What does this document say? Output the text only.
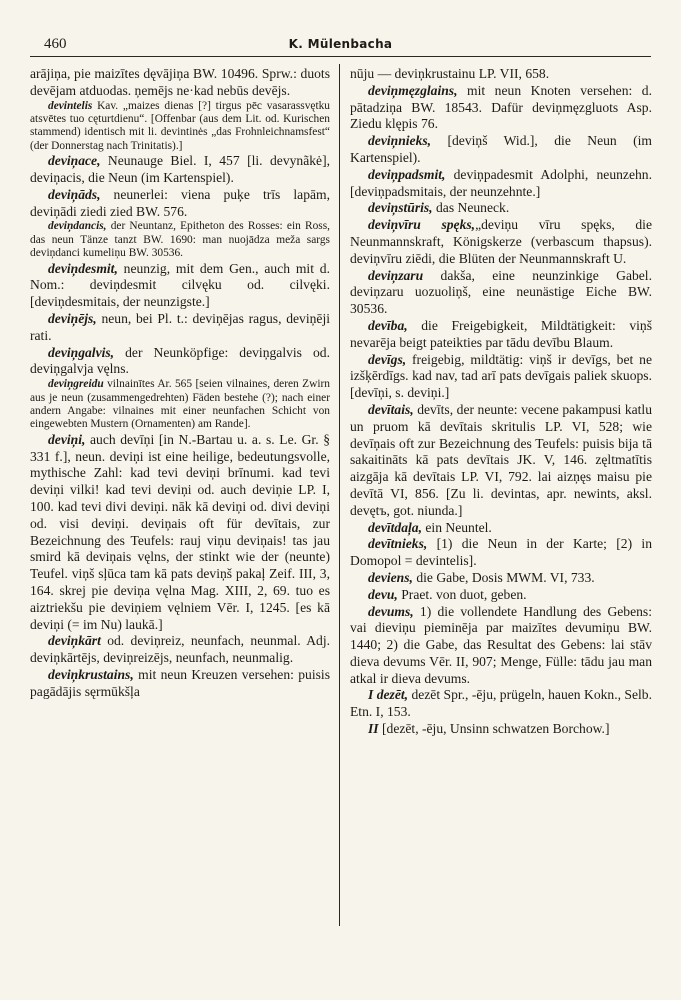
460	K. Mülenbacha

arājiņa, pie maizītes dęvājiņa BW. 10496. Sprw.: duots devējam atduodas. ņemējs ne·kad nebūs devējs.

devintelis Kav. „maizes dienas [?] tirgus pēc vasarassvętku atsvētes tuo cęturtdienu“. [Offenbar (aus dem Lit. od. Kurischen stammend) identisch mit li. devintinės „das Frohnleichnamsfest“ (der Donnerstag nach Trinitatis).]

deviņace, Neunauge Biel. I, 457 [li. devynãkė], deviņacis, die Neun (im Kartenspiel).

deviņāds, neunerlei: viena puķe trīs lapām, deviņādi ziedi zied BW. 576.

deviņdancis, der Neuntanz, Epitheton des Rosses: ein Ross, das neun Tänze tanzt BW. 1690: man nuojādza meža sargs deviņdanci kumeliņu BW. 30536.

deviņdesmit, neunzig, mit dem Gen., auch mit d. Nom.: deviņdesmit cilvęku od. cilvęki. [deviņdesmitais, der neunzigste.]

deviņējs, neun, bei Pl. t.: deviņējas ragus, deviņēji rati.

deviņgalvis, der Neunköpfige: deviņgalvis od. deviņgalvja vęlns.

deviņgreidu vilnainītes Ar. 565 [seien vilnaines, deren Zwirn aus je neun (zusammengedrehten) Fäden bestehe (?); nach einer andern Angabe: vilnaines mit einer neunfachen Schicht von eingewebten Mustern (Ornamenten) am Rande].

deviņi, auch devīņi [in N.-Bartau u. a. s. Le. Gr. § 331 f.], neun. deviņi ist eine heilige, bedeutungsvolle, mythische Zahl: kad tevi deviņi brīnumi. kad tevi deviņi vilki! kad tevi deviņi od. auch deviņie LP. I, 100. kad tevi divi deviņi. nāk kā deviņi od. divi deviņi od. visi deviņi. deviņais oft für devītais, zur Bezeichnung des Teufels: rauj viņu deviņais! tas jau smird kā deviņais vęlns, der stinkt wie der (neunte) Teufel. viņš sļūca tam kā pats deviņš pakaļ Zeif. III, 3, 164. skrej pie deviņa vęlna Mag. XIII, 2, 69. tuo es aiztriekšu pie deviņiem vęlniem Vēr. I, 1245. [es kā deviņi (= im Nu) laukā.]

deviņkārt od. deviņreiz, neunfach, neunmal. Adj. deviņkārtējs, deviņreizējs, neunfach, neunmalig.

deviņkrustains, mit neun Kreuzen versehen: puisis pagādājis sęrmūkšļa

nūju — deviņkrustainu LP. VII, 658.

deviņmęzglains, mit neun Knoten versehen: d. pātadziņa BW. 18543. Dafür deviņmęzgluots Asp. Ziedu klępis 76.

deviņnieks, [deviņš Wid.], die Neun (im Kartenspiel).

deviņpadsmit, deviņpadesmit Adolphi, neunzehn. [deviņpadsmitais, der neunzehnte.]

deviņstūris, das Neuneck.

deviņvīru spęks,„deviņu vīru spęks, die Neunmannskraft, Königskerze (verbascum thapsus). deviņvīru ziēdi, die Blüten der Neunmannskraft U.

deviņzaru dakša, eine neunzinkige Gabel. deviņzaru uozuoliņš, eine neunästige Eiche BW. 30536.

devība, die Freigebigkeit, Mildtätigkeit: viņš nevarēja beigt pateikties par tādu devību Blaum.

devīgs, freigebig, mildtätig: viņš ir devīgs, bet ne izšķērdīgs. kad nav, tad arī pats devīgais paliek skuops. [devīņi, s. deviņi.]

devītais, devīts, der neunte: vecene pakampusi katlu un pruom kā devītais skritulis LP. VI, 528; wie devīņais oft zur Bezeichnung des Teufels: puisis bija tā sakaitināts kā pats devītais JK. V, 146. zęltmatītis aizgāja kā devītais LP. VI, 792. lai aizņęs maisu pie devītā VI, 856. [Zu li. devintas, apr. newints, aksl. devętъ, got. niunda.]

devītdaļa, ein Neuntel.

devītnieks, [1) die Neun in der Karte; [2) in Domopol = devintelis].

deviens, die Gabe, Dosis MWM. VI, 733.

devu, Praet. von duot, geben.

devums, 1) die vollendete Handlung des Gebens: vai dieviņu pieminēja par maizītes devumiņu BW. 1440; 2) die Gabe, das Resultat des Gebens: lai stāv dieva devums Vēr. II, 907; Menge, Fülle: tādu jau man atkal ir dieva devums.

I dezēt, dezēt Spr., -ēju, prügeln, hauen Kokn., Selb. Etn. I, 153.

II [dezēt, -ēju, Unsinn schwatzen Borchow.]
